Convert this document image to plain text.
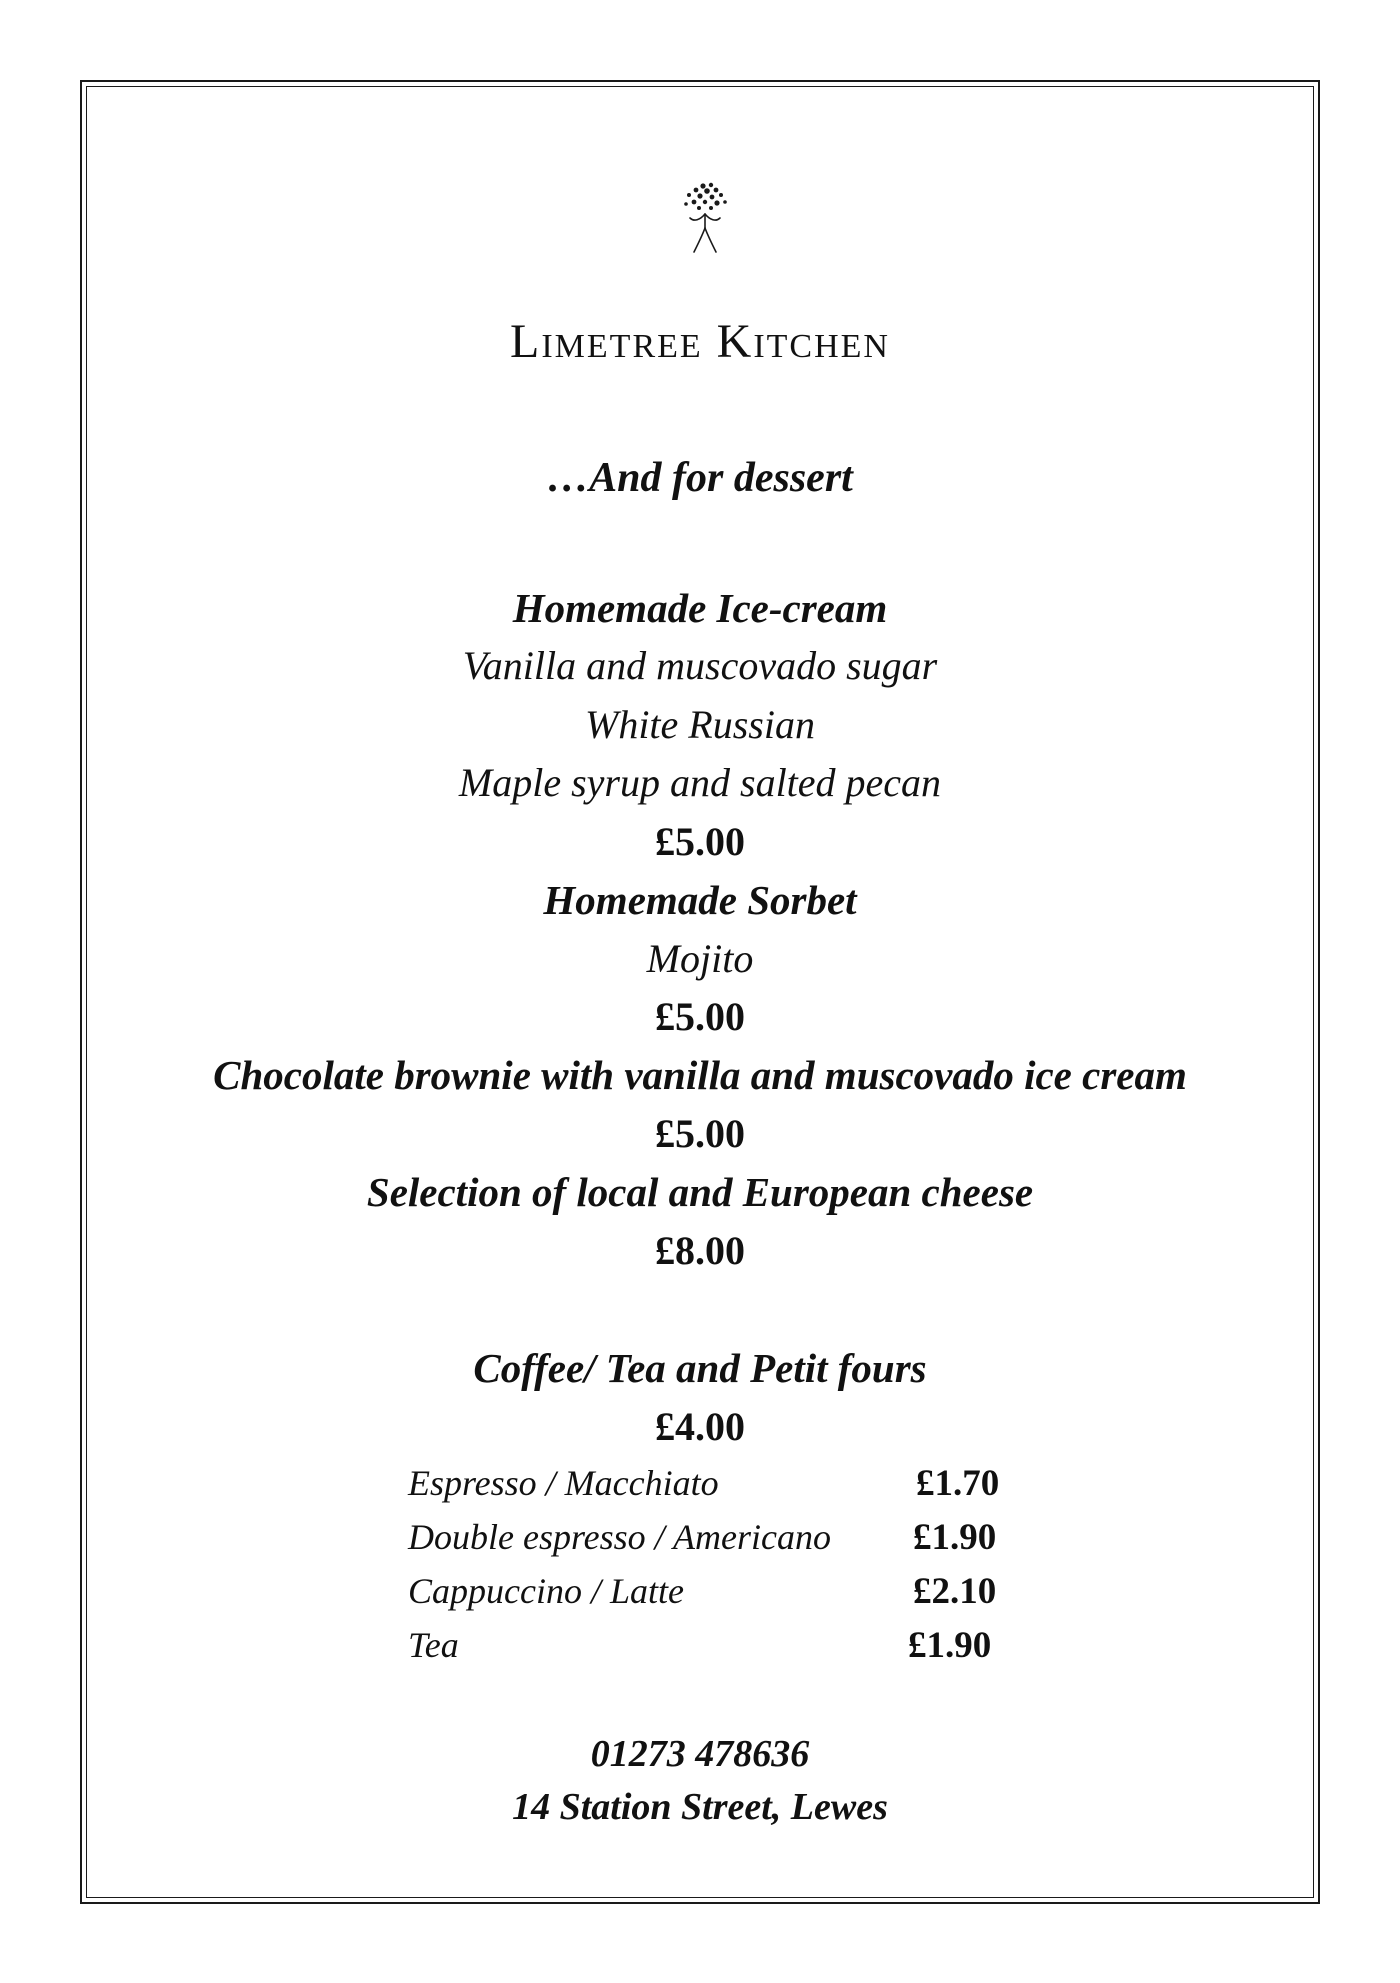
Limetree Kitchen
…And for dessert
Homemade Ice-cream
Vanilla and muscovado sugar
White Russian
Maple syrup and salted pecan
£5.00
Homemade Sorbet
Mojito
£5.00
Chocolate brownie with vanilla and muscovado ice cream
£5.00
Selection of local and European cheese
£8.00
Coffee/ Tea and Petit fours
£4.00
Espresso / Macchiato	£1.70
Double espresso / Americano £1.90
Cappuccino / Latte	£2.10
Tea	£1.90
01273 478636
14 Station Street, Lewes
